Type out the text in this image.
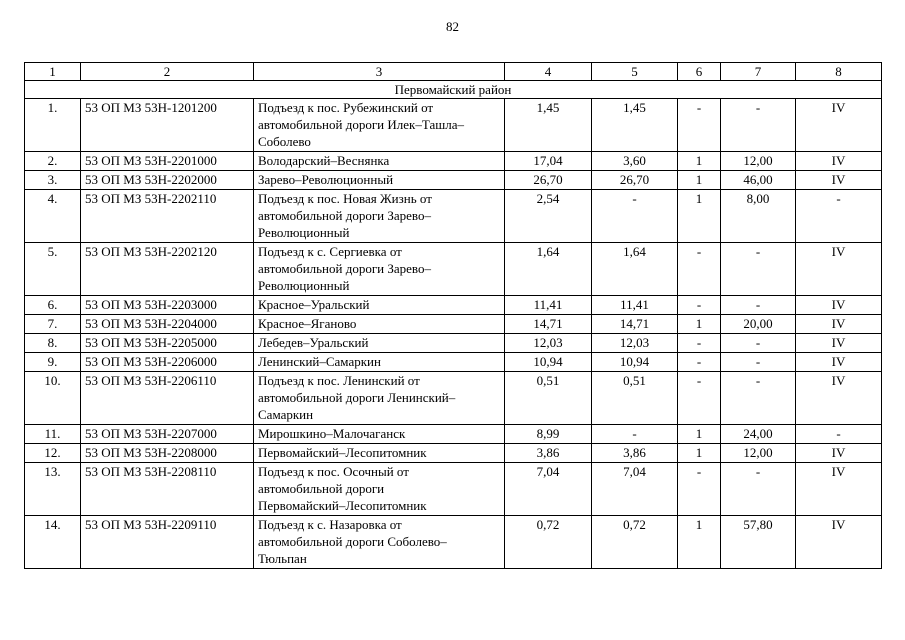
82
1	2	3	4	5	6	7	8
Первомайский район							
1.	53 ОП МЗ 53Н-1201200	Подъезд к пос. Рубежинский от
автомобильной дороги Илек–Ташла–
Соболево	1,45	1,45	-	-	IV
2.	53 ОП МЗ 53Н-2201000	Володарский–Веснянка	17,04	3,60	1	12,00	IV
3.	53 ОП МЗ 53Н-2202000	Зарево–Революционный	26,70	26,70	1	46,00	IV
4.	53 ОП МЗ 53Н-2202110	Подъезд к пос. Новая Жизнь от
автомобильной дороги Зарево–
Революционный	2,54	-	1	8,00	-
5.	53 ОП МЗ 53Н-2202120	Подъезд к с. Сергиевка от
автомобильной дороги Зарево–
Революционный	1,64	1,64	-	-	IV
6.	53 ОП МЗ 53Н-2203000	Красное–Уральский	11,41	11,41	-	-	IV
7.	53 ОП МЗ 53Н-2204000	Красное–Яганово	14,71	14,71	1	20,00	IV
8.	53 ОП МЗ 53Н-2205000	Лебедев–Уральский	12,03	12,03	-	-	IV
9.	53 ОП МЗ 53Н-2206000	Ленинский–Самаркин	10,94	10,94	-	-	IV
10.	53 ОП МЗ 53Н-2206110	Подъезд к пос. Ленинский от
автомобильной дороги Ленинский–
Самаркин	0,51	0,51	-	-	IV
11.	53 ОП МЗ 53Н-2207000	Мирошкино–Малочаганск	8,99	-	1	24,00	-
12.	53 ОП МЗ 53Н-2208000	Первомайский–Лесопитомник	3,86	3,86	1	12,00	IV
13.	53 ОП МЗ 53Н-2208110	Подъезд к пос. Осочный от
автомобильной дороги
Первомайский–Лесопитомник	7,04	7,04	-	-	IV
14.	53 ОП МЗ 53Н-2209110	Подъезд к с. Назаровка от
автомобильной дороги Соболево–
Тюльпан	0,72	0,72	1	57,80	IV
